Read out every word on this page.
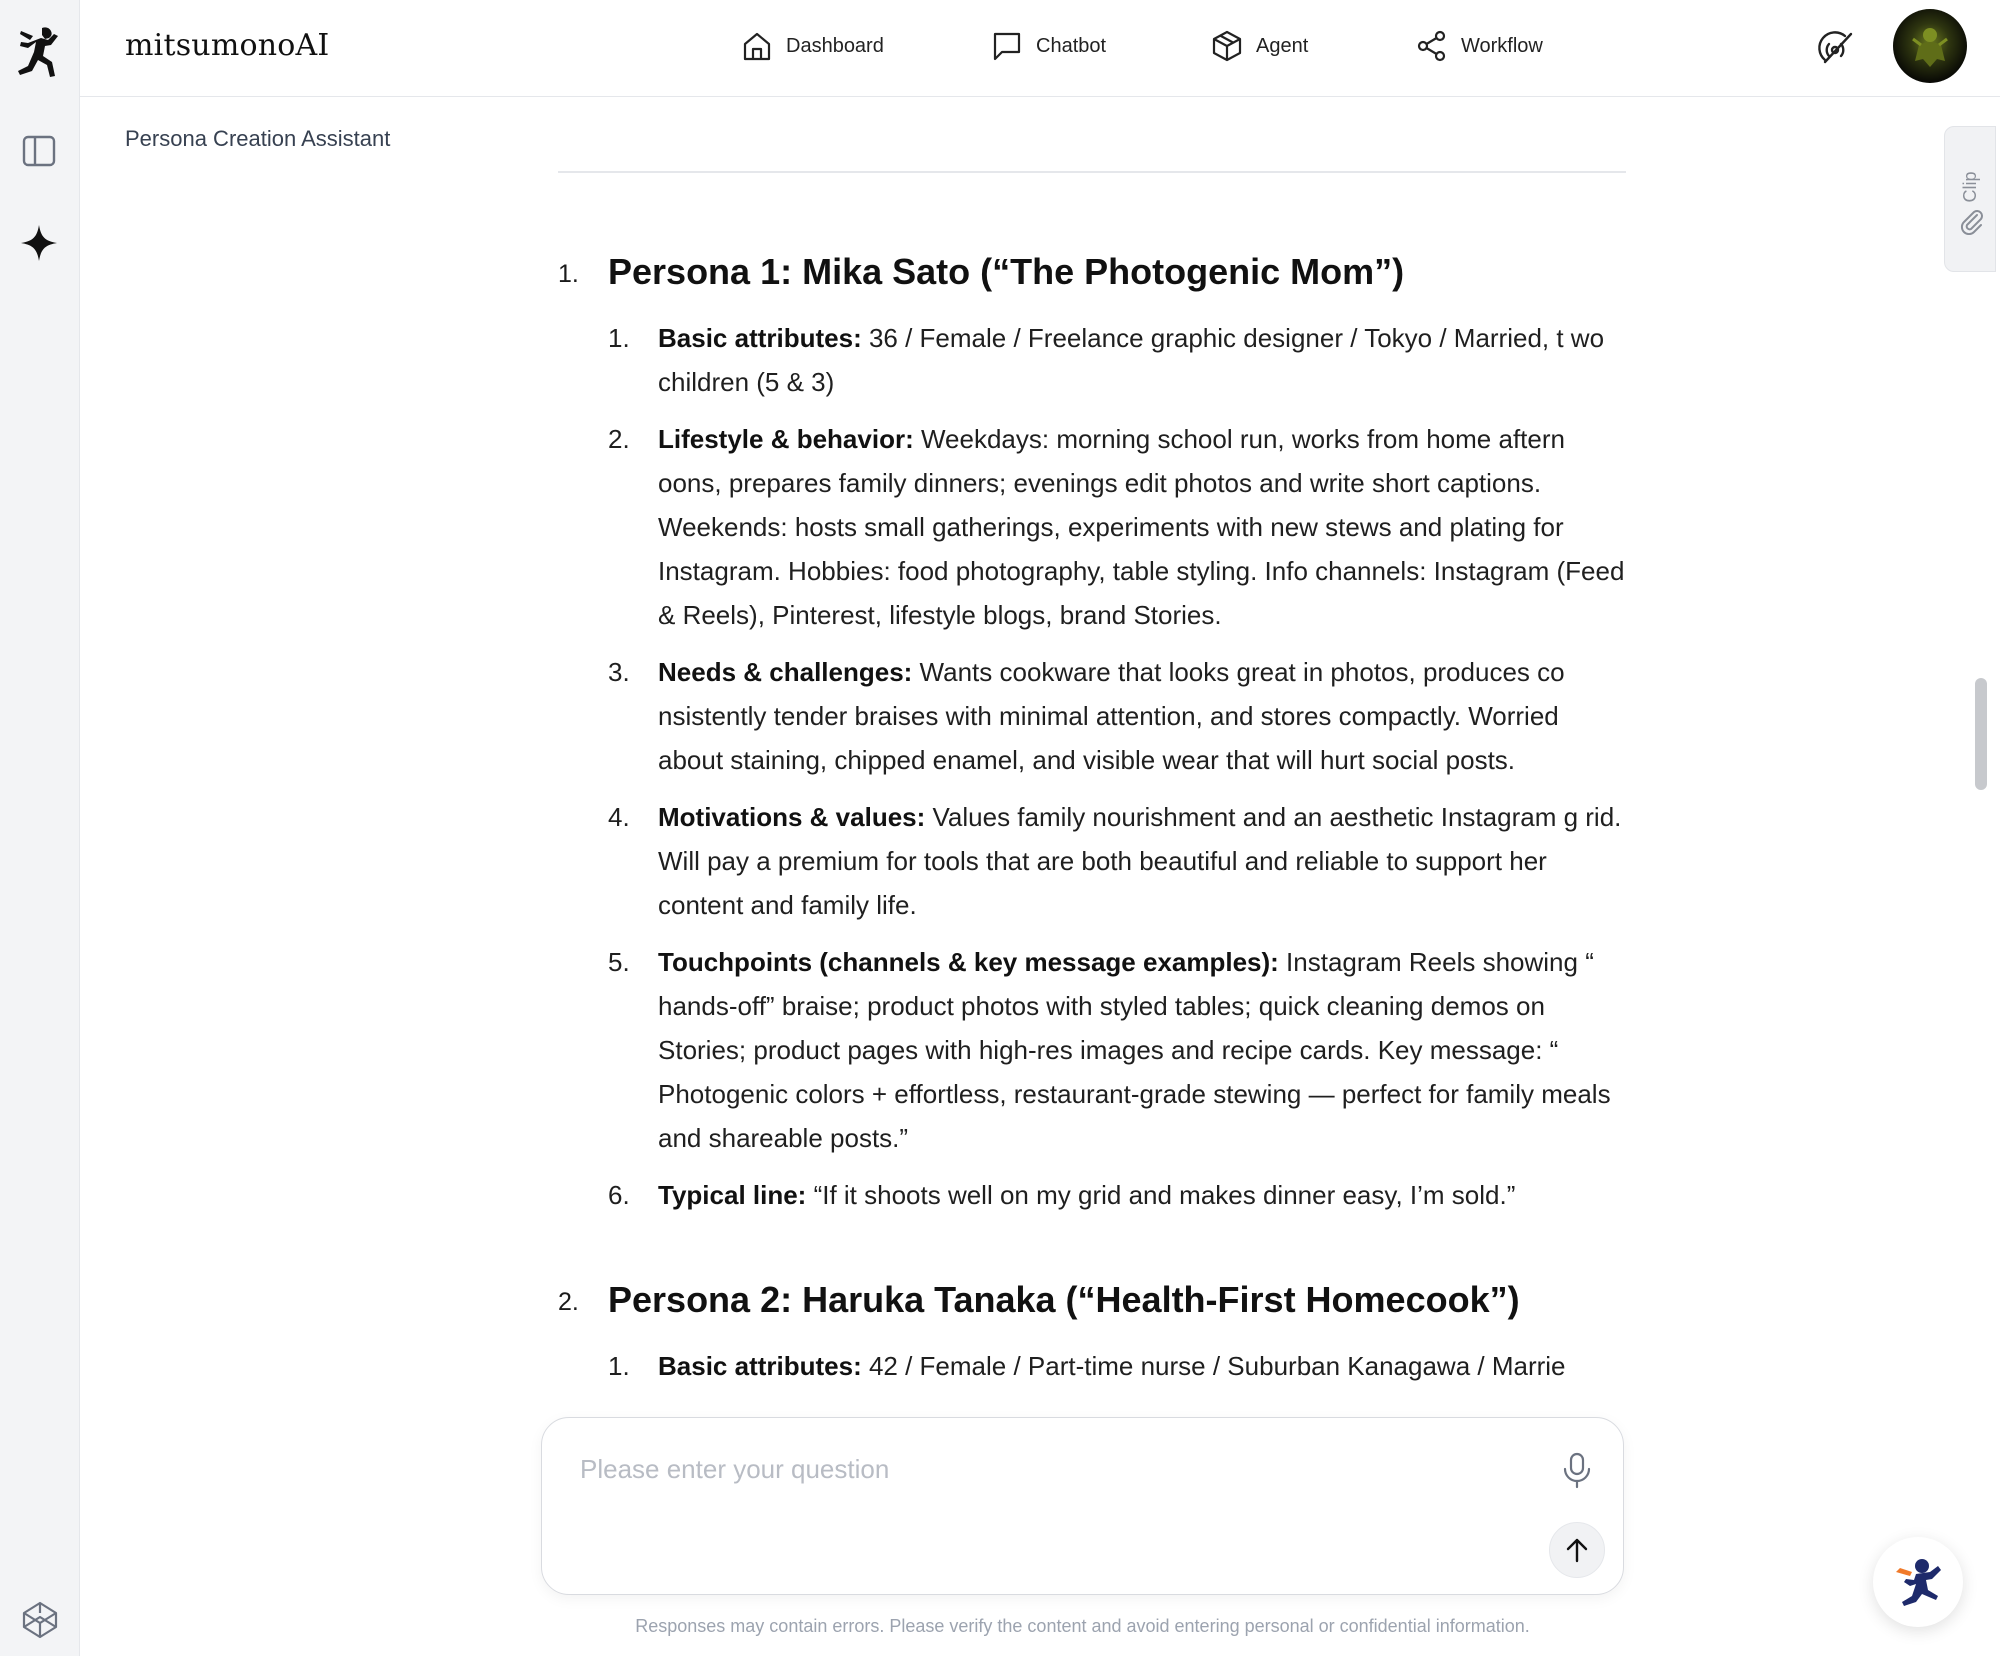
mitsumonoAI	Dashboard	Chatbot	Agent	Workflow
Persona Creation Assistant
1. Persona 1: Mika Sato (“The Photogenic Mom”)
1. Basic attributes: 36 / Female / Freelance graphic designer / Tokyo / Married, t wo children (5 & 3)
2. Lifestyle & behavior: Weekdays: morning school run, works from home aftern oons, prepares family dinners; evenings edit photos and write short captions. Weekends: hosts small gatherings, experiments with new stews and plating for Instagram. Hobbies: food photography, table styling. Info channels: Instagram (Feed & Reels), Pinterest, lifestyle blogs, brand Stories.
3. Needs & challenges: Wants cookware that looks great in photos, produces co nsistently tender braises with minimal attention, and stores compactly. Worried about staining, chipped enamel, and visible wear that will hurt social posts.
4. Motivations & values: Values family nourishment and an aesthetic Instagram g rid. Will pay a premium for tools that are both beautiful and reliable to support her content and family life.
5. Touchpoints (channels & key message examples): Instagram Reels showing “ hands-off” braise; product photos with styled tables; quick cleaning demos on Stories; product pages with high-res images and recipe cards. Key message: “ Photogenic colors + effortless, restaurant-grade stewing — perfect for family meals and shareable posts.”
6. Typical line: “If it shoots well on my grid and makes dinner easy, I’m sold.”
2. Persona 2: Haruka Tanaka (“Health-First Homecook”)
1. Basic attributes: 42 / Female / Part-time nurse / Suburban Kanagawa / Marrie
Please enter your question
Responses may contain errors. Please verify the content and avoid entering personal or confidential information.
Clip
